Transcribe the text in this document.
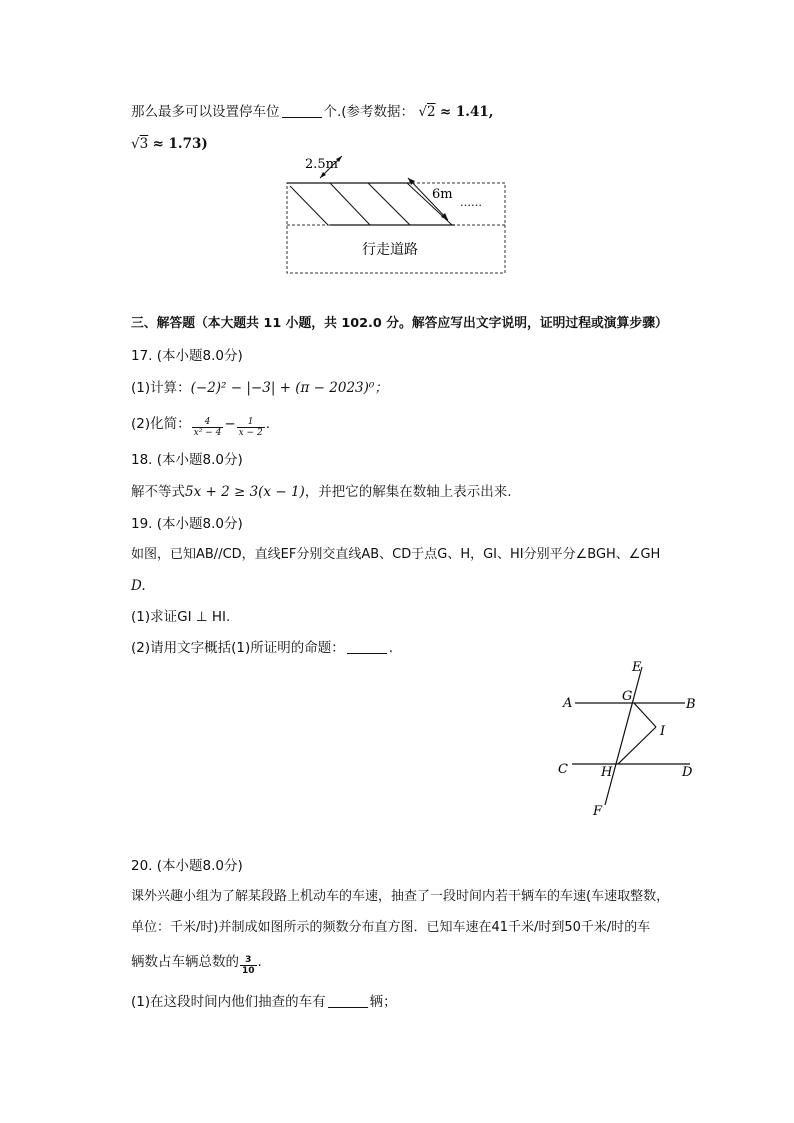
那么最多可以设置停车位	个.(参考数据： √2 ≈ 1.41,
√3 ≈ 1.73)
2.5m
6m
……
行走道路
三、解答题（本大题共 11 小题，共 102.0 分。解答应写出文字说明，证明过程或演算步骤）
17. (本小题8.0分)
(1)计算：(−2)² − |−3| + (π − 2023)⁰；
(2)化简： $\frac{4}{\text{x² − 4}} - \frac{1}{x - 2}$ .
18. (本小题8.0分)
解不等式5x + 2 ≥ 3(x − 1)，并把它的解集在数轴上表示出来.
19. (本小题8.0分)
如图，已知AB//CD，直线EF分别交直线AB、CD于点G、H，GI、HI分别平分∠BGH、∠GH
D.
(1)求证GI ⊥ HI.
(2)请用文字概括(1)所证明的命题：	.
E
A	G
B
I
C	H	D
F
20. (本小题8.0分)
课外兴趣小组为了解某段路上机动车的车速，抽查了一段时间内若干辆车的车速(车速取整数，
单位：千米/时)并制成如图所示的频数分布直方图．已知车速在41千米/时到50千米/时的车
辆数占车辆总数的 $\frac{3}{10}$ .
(1)在这段时间内他们抽查的车有	辆；
